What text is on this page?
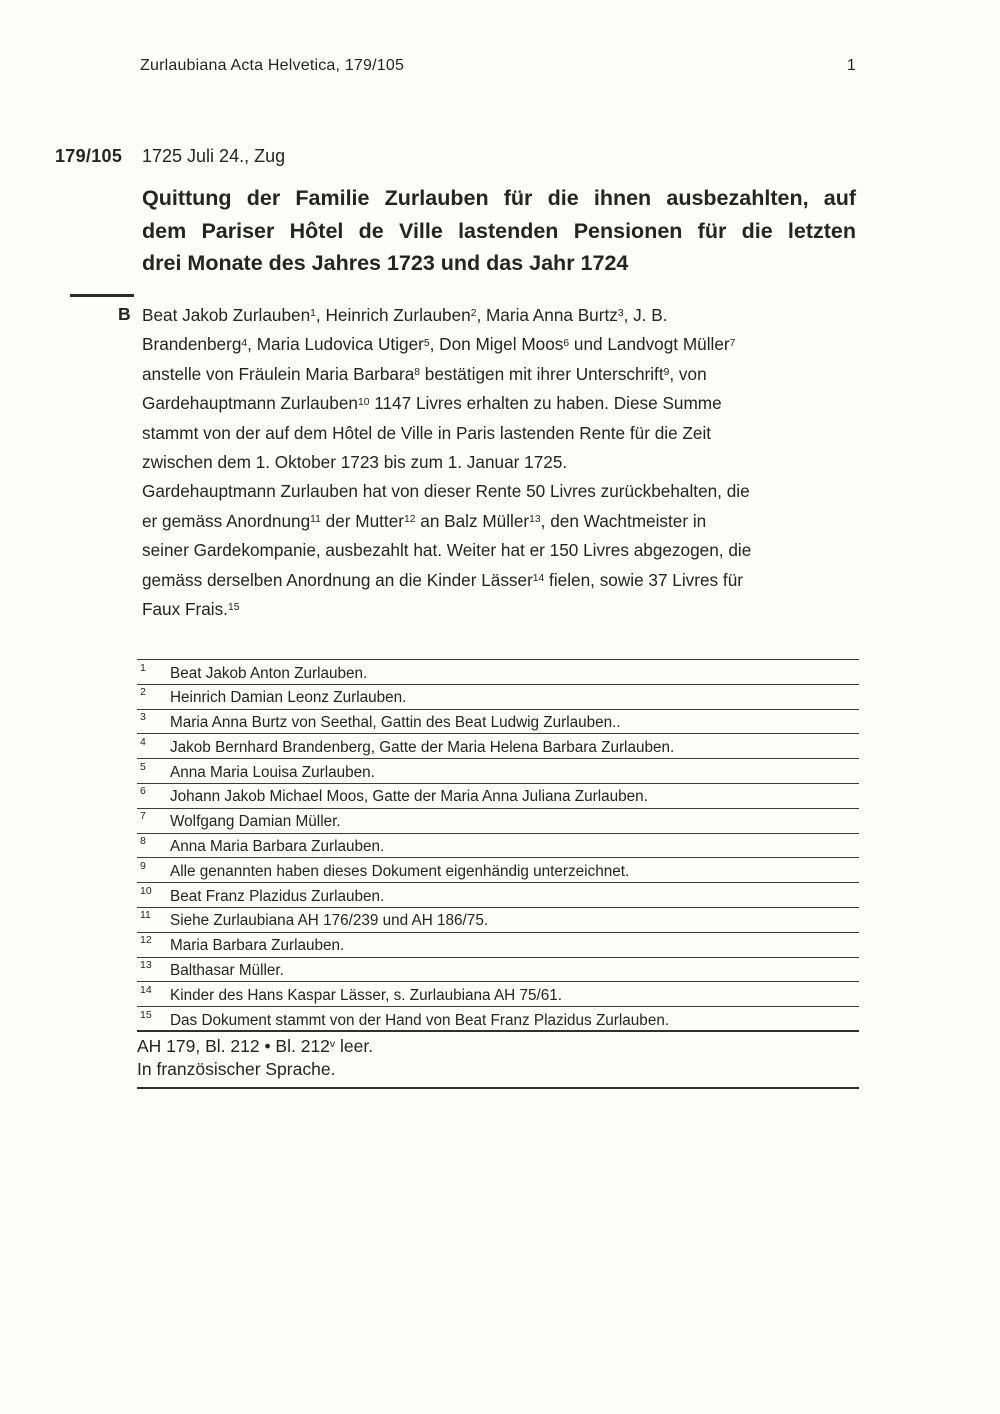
Zurlaubiana Acta Helvetica, 179/105	1
179/105 1725 Juli 24., Zug
Quittung der Familie Zurlauben für die ihnen ausbezahlten, auf
dem Pariser Hôtel de Ville lastenden Pensionen für die letzten
drei Monate des Jahres 1723 und das Jahr 1724
B Beat Jakob Zurlauben$^1$, Heinrich Zurlauben$^2$, Maria Anna Burtz$^3$, J. B.
Brandenberg$^4$, Maria Ludovica Utiger$^5$, Don Migel Moos$^6$ und Landvogt Müller$^7$
anstelle von Fräulein Maria Barbara$^8$ bestätigen mit ihrer Unterschrift$^9$, von
Gardehauptmann Zurlauben$^{10}$ 1147 Livres erhalten zu haben. Diese Summe
stammt von der auf dem Hôtel de Ville in Paris lastenden Rente für die Zeit
zwischen dem 1. Oktober 1723 bis zum 1. Januar 1725.
Gardehauptmann Zurlauben hat von dieser Rente 50 Livres zurückbehalten, die
er gemäss Anordnung$^{11}$ der Mutter$^{12}$ an Balz Müller$^{13}$, den Wachtmeister in
seiner Gardekompanie, ausbezahlt hat. Weiter hat er 150 Livres abgezogen, die
gemäss derselben Anordnung an die Kinder Lässer$^{14}$ fielen, sowie 37 Livres für
Faux Frais.$^{15}$
1 Beat Jakob Anton Zurlauben.
2 Heinrich Damian Leonz Zurlauben.
3 Maria Anna Burtz von Seethal, Gattin des Beat Ludwig Zurlauben..
4 Jakob Bernhard Brandenberg, Gatte der Maria Helena Barbara Zurlauben.
5 Anna Maria Louisa Zurlauben.
6 Johann Jakob Michael Moos, Gatte der Maria Anna Juliana Zurlauben.
7 Wolfgang Damian Müller.
8 Anna Maria Barbara Zurlauben.
9 Alle genannten haben dieses Dokument eigenhändig unterzeichnet.
10 Beat Franz Plazidus Zurlauben.
11 Siehe Zurlaubiana AH 176/239 und AH 186/75.
12 Maria Barbara Zurlauben.
13 Balthasar Müller.
14 Kinder des Hans Kaspar Lässer, s. Zurlaubiana AH 75/61.
15 Das Dokument stammt von der Hand von Beat Franz Plazidus Zurlauben.
AH 179, Bl. 212 • Bl. 212$^v$ leer.
In französischer Sprache.
